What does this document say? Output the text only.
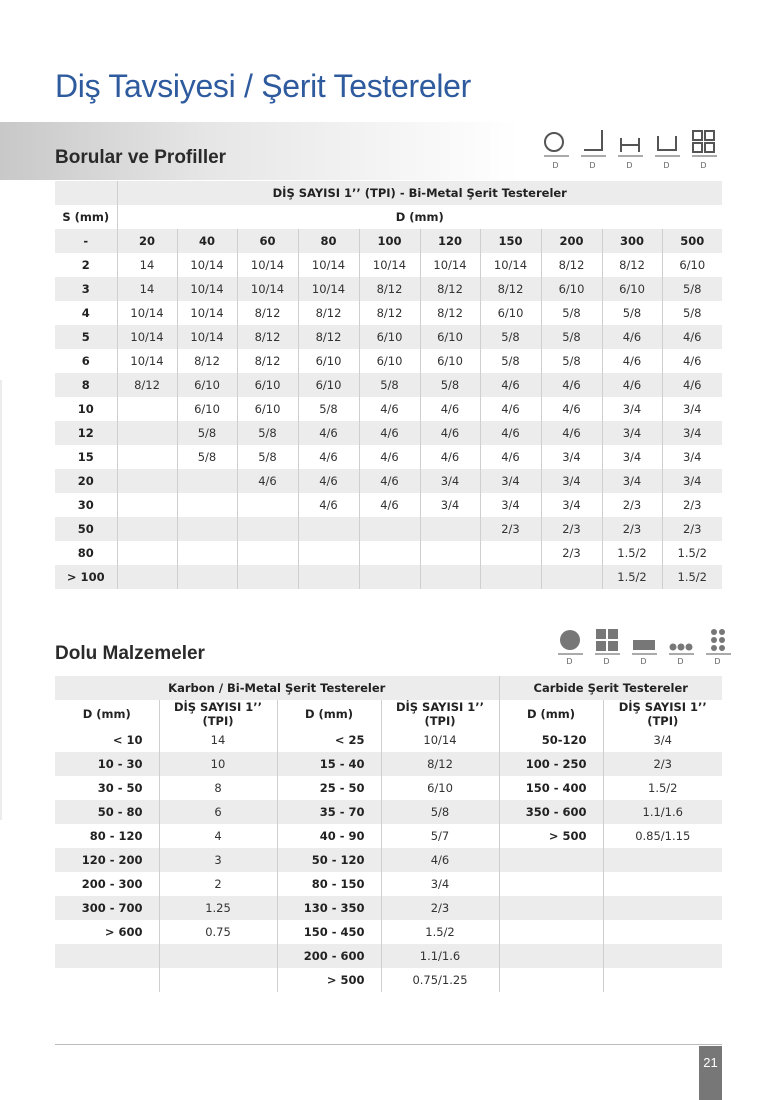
Diş Tavsiyesi / Şerit Testereler
Borular ve Profiller	D	D	D	D	D
	DİŞ SAYISI 1’’ (TPI) - Bi-Metal Şerit Testereler									
S (mm)	D (mm)									
-	20	40	60	80	100	120	150	200	300	500
2	14	10/14	10/14	10/14	10/14	10/14	10/14	8/12	8/12	6/10
3	14	10/14	10/14	10/14	8/12	8/12	8/12	6/10	6/10	5/8
4	10/14	10/14	8/12	8/12	8/12	8/12	6/10	5/8	5/8	5/8
5	10/14	10/14	8/12	8/12	6/10	6/10	5/8	5/8	4/6	4/6
6	10/14	8/12	8/12	6/10	6/10	6/10	5/8	5/8	4/6	4/6
8	8/12	6/10	6/10	6/10	5/8	5/8	4/6	4/6	4/6	4/6
10		6/10	6/10	5/8	4/6	4/6	4/6	4/6	3/4	3/4
12		5/8	5/8	4/6	4/6	4/6	4/6	4/6	3/4	3/4
15		5/8	5/8	4/6	4/6	4/6	4/6	3/4	3/4	3/4
20			4/6	4/6	4/6	3/4	3/4	3/4	3/4	3/4
30				4/6	4/6	3/4	3/4	3/4	2/3	2/3
50							2/3	2/3	2/3	2/3
80								2/3	1.5/2	1.5/2
> 100									1.5/2	1.5/2
Dolu Malzemeler	D	D	D	D	D
Karbon / Bi-Metal Şerit Testereler				Carbide Şerit Testereler	
D (mm)	DİŞ SAYISI 1’’ (TPI)	D (mm)	DİŞ SAYISI 1’’ (TPI)	D (mm)	DİŞ SAYISI 1’’ (TPI)
< 10	14	< 25	10/14	50-120	3/4
10 - 30	10	15 - 40	8/12	100 - 250	2/3
30 - 50	8	25 - 50	6/10	150 - 400	1.5/2
50 - 80	6	35 - 70	5/8	350 - 600	1.1/1.6
80 - 120	4	40 - 90	5/7	> 500	0.85/1.15
120 - 200	3	50 - 120	4/6		
200 - 300	2	80 - 150	3/4		
300 - 700	1.25	130 - 350	2/3		
> 600	0.75	150 - 450	1.5/2		
		200 - 600	1.1/1.6		
		> 500	0.75/1.25		
21
